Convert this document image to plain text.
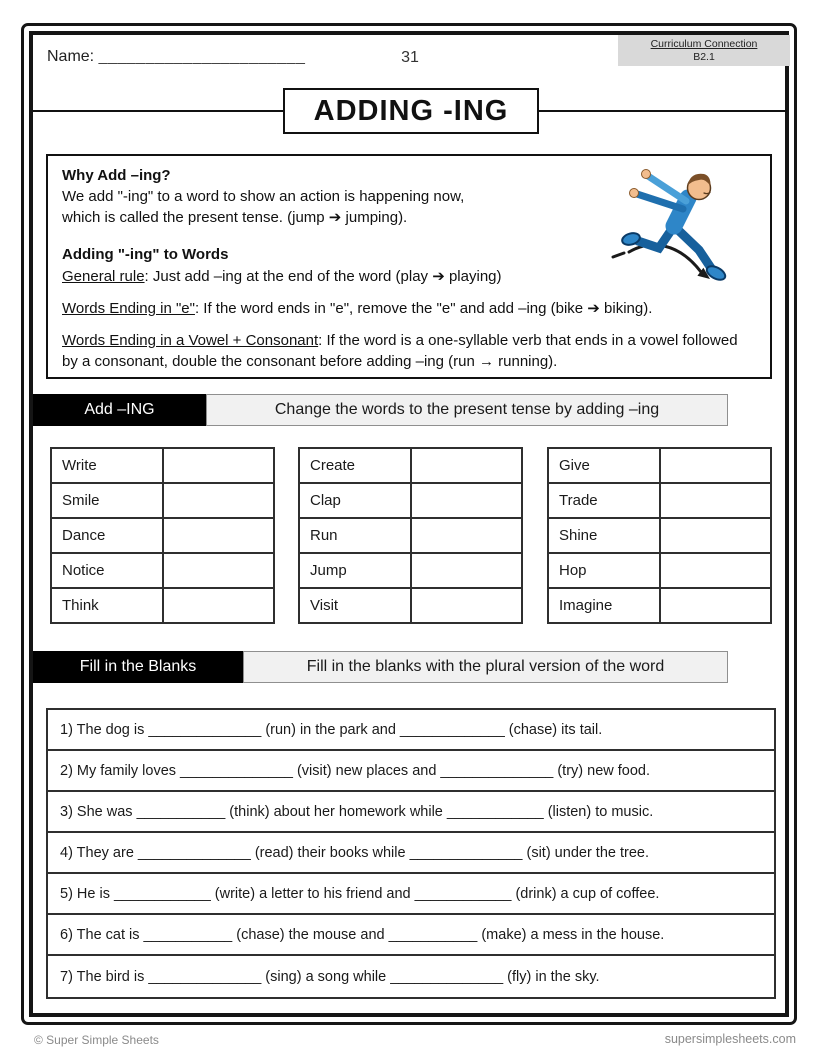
Name: ______________________	31
Curriculum Connection
B2.1
ADDING -ING
Why Add –ing?
We add "-ing" to a word to show an action is happening now,
which is called the present tense. (jump ➔ jumping).
Adding "-ing" to Words
General rule: Just add –ing at the end of the word (play ➔ playing)
Words Ending in "e": If the word ends in "e", remove the "e" and add –ing (bike ➔ biking).
Words Ending in a Vowel + Consonant: If the word is a one-syllable verb that ends in a vowel followed by a consonant, double the consonant before adding –ing (run → running).
Add –ING	Change the words to the present tense by adding –ing
Write	
Smile	
Dance	
Notice	
Think	
Create	
Clap	
Run	
Jump	
Visit	
Give	
Trade	
Shine	
Hop	
Imagine	
Fill in the Blanks	Fill in the blanks with the plural version of the word
1) The dog is ______________ (run) in the park and _____________ (chase) its tail.
2) My family loves ______________ (visit) new places and ______________ (try) new food.
3) She was ___________ (think) about her homework while ____________ (listen) to music.
4) They are ______________ (read) their books while ______________ (sit) under the tree.
5) He is ____________ (write) a letter to his friend and ____________ (drink) a cup of coffee.
6) The cat is ___________ (chase) the mouse and ___________ (make) a mess in the house.
7) The bird is ______________ (sing) a song while ______________ (fly) in the sky.
© Super Simple Sheets	supersimplesheets.com
